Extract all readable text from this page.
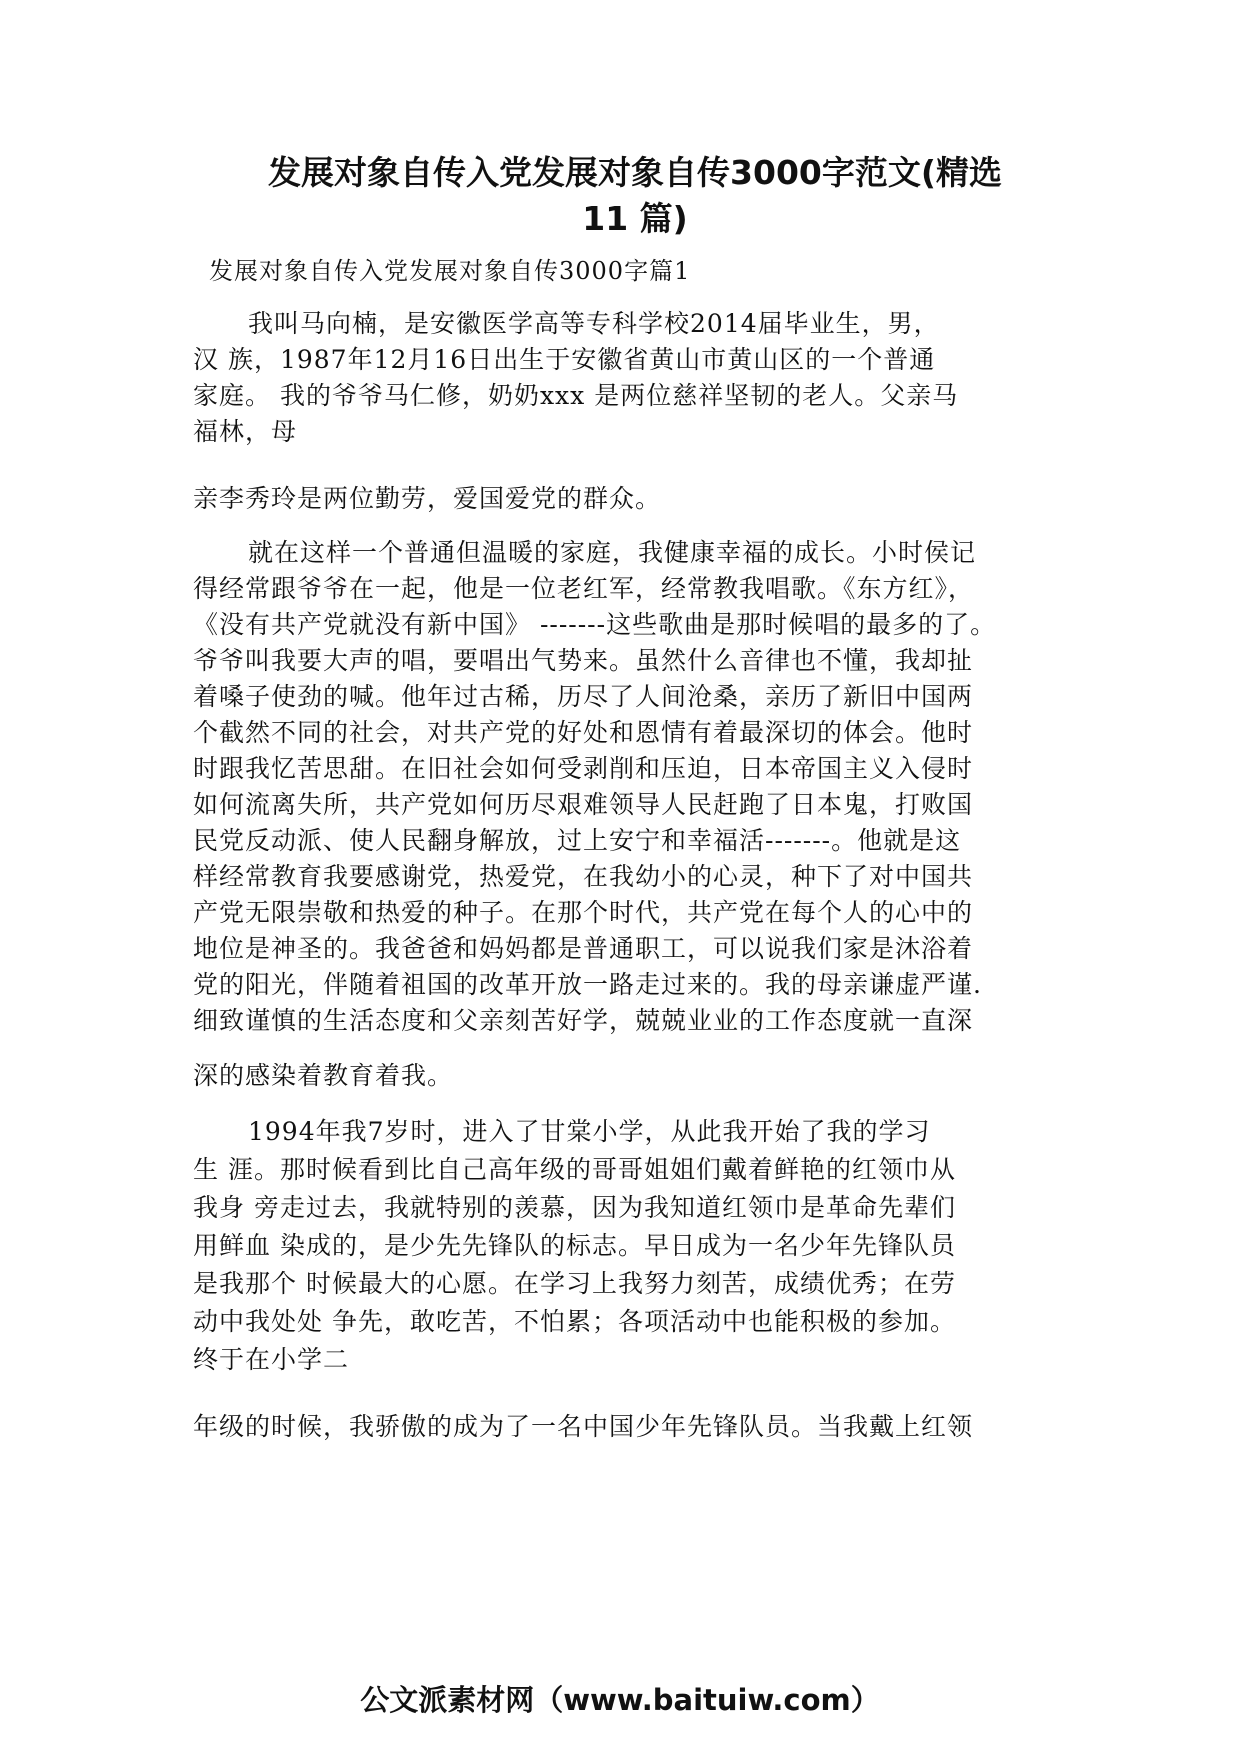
发展对象自传入党发展对象自传3000字范文(精选
11 篇)

发展对象自传入党发展对象自传3000字篇1

我叫马向楠，是安徽医学高等专科学校2014届毕业生，男，

汉 族，1987年12月16日出生于安徽省黄山市黄山区的一个普通

家庭。 我的爷爷马仁修，奶奶xxx 是两位慈祥坚韧的老人。父亲马

福林，母

亲李秀玲是两位勤劳，爱国爱党的群众。

就在这样一个普通但温暖的家庭，我健康幸福的成长。小时侯记

得经常跟爷爷在一起，他是一位老红军，经常教我唱歌。《东方红》，

《没有共产党就没有新中国》 -------这些歌曲是那时候唱的最多的了。

爷爷叫我要大声的唱，要唱出气势来。虽然什么音律也不懂，我却扯

着嗓子使劲的喊。他年过古稀，历尽了人间沧桑，亲历了新旧中国两

个截然不同的社会，对共产党的好处和恩情有着最深切的体会。他时

时跟我忆苦思甜。在旧社会如何受剥削和压迫，日本帝国主义入侵时

如何流离失所，共产党如何历尽艰难领导人民赶跑了日本鬼，打败国

民党反动派、使人民翻身解放，过上安宁和幸福活-------。他就是这

样经常教育我要感谢党，热爱党，在我幼小的心灵，种下了对中国共

产党无限崇敬和热爱的种子。在那个时代，共产党在每个人的心中的

地位是神圣的。我爸爸和妈妈都是普通职工，可以说我们家是沐浴着

党的阳光，伴随着祖国的改革开放一路走过来的。我的母亲谦虚严谨.

细致谨慎的生活态度和父亲刻苦好学，兢兢业业的工作态度就一直深

深的感染着教育着我。

1994年我7岁时，进入了甘棠小学，从此我开始了我的学习

生 涯。那时候看到比自己高年级的哥哥姐姐们戴着鲜艳的红领巾从

我身 旁走过去，我就特别的羡慕，因为我知道红领巾是革命先辈们

用鲜血 染成的，是少先先锋队的标志。早日成为一名少年先锋队员

是我那个 时候最大的心愿。在学习上我努力刻苦，成绩优秀；在劳

动中我处处 争先，敢吃苦，不怕累；各项活动中也能积极的参加。

终于在小学二

年级的时候，我骄傲的成为了一名中国少年先锋队员。当我戴上红领

公文派素材网（www.baituiw.com）
